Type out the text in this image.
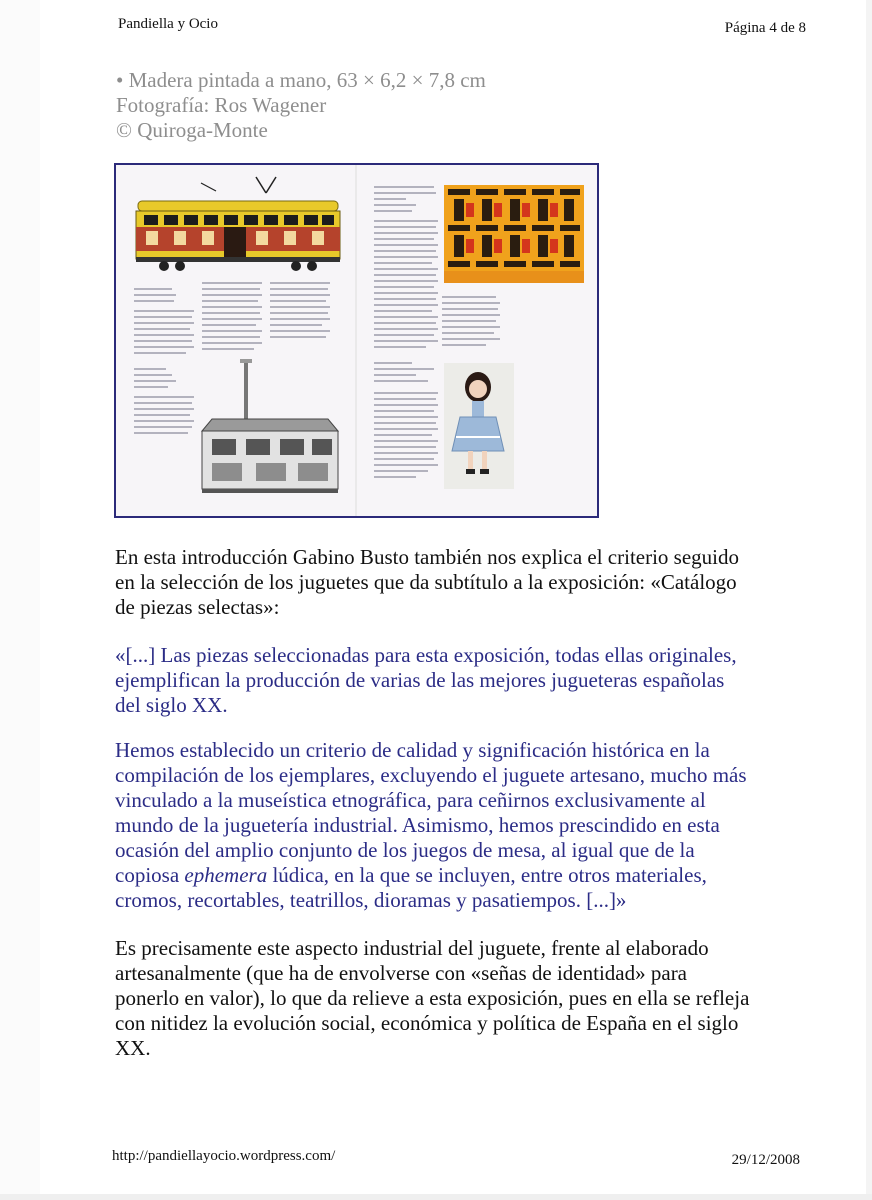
Pandiella y Ocio	Página 4 de 8
• Madera pintada a mano, 63 × 6,2 × 7,8 cm
Fotografía: Ros Wagener
© Quiroga-Monte
En esta introducción Gabino Busto también nos explica el criterio seguido
en la selección de los juguetes que da subtítulo a la exposición: «Catálogo
de piezas selectas»:
«[...] Las piezas seleccionadas para esta exposición, todas ellas originales,
ejemplifican la producción de varias de las mejores jugueteras españolas
del siglo XX.
Hemos establecido un criterio de calidad y significación histórica en la
compilación de los ejemplares, excluyendo el juguete artesano, mucho más
vinculado a la museística etnográfica, para ceñirnos exclusivamente al
mundo de la juguetería industrial. Asimismo, hemos prescindido en esta
ocasión del amplio conjunto de los juegos de mesa, al igual que de la
copiosa ephemera lúdica, en la que se incluyen, entre otros materiales,
cromos, recortables, teatrillos, dioramas y pasatiempos. [...]»
Es precisamente este aspecto industrial del juguete, frente al elaborado
artesanalmente (que ha de envolverse con «señas de identidad» para
ponerlo en valor), lo que da relieve a esta exposición, pues en ella se refleja
con nitidez la evolución social, económica y política de España en el siglo
XX.
http://pandiellayocio.wordpress.com/	29/12/2008
